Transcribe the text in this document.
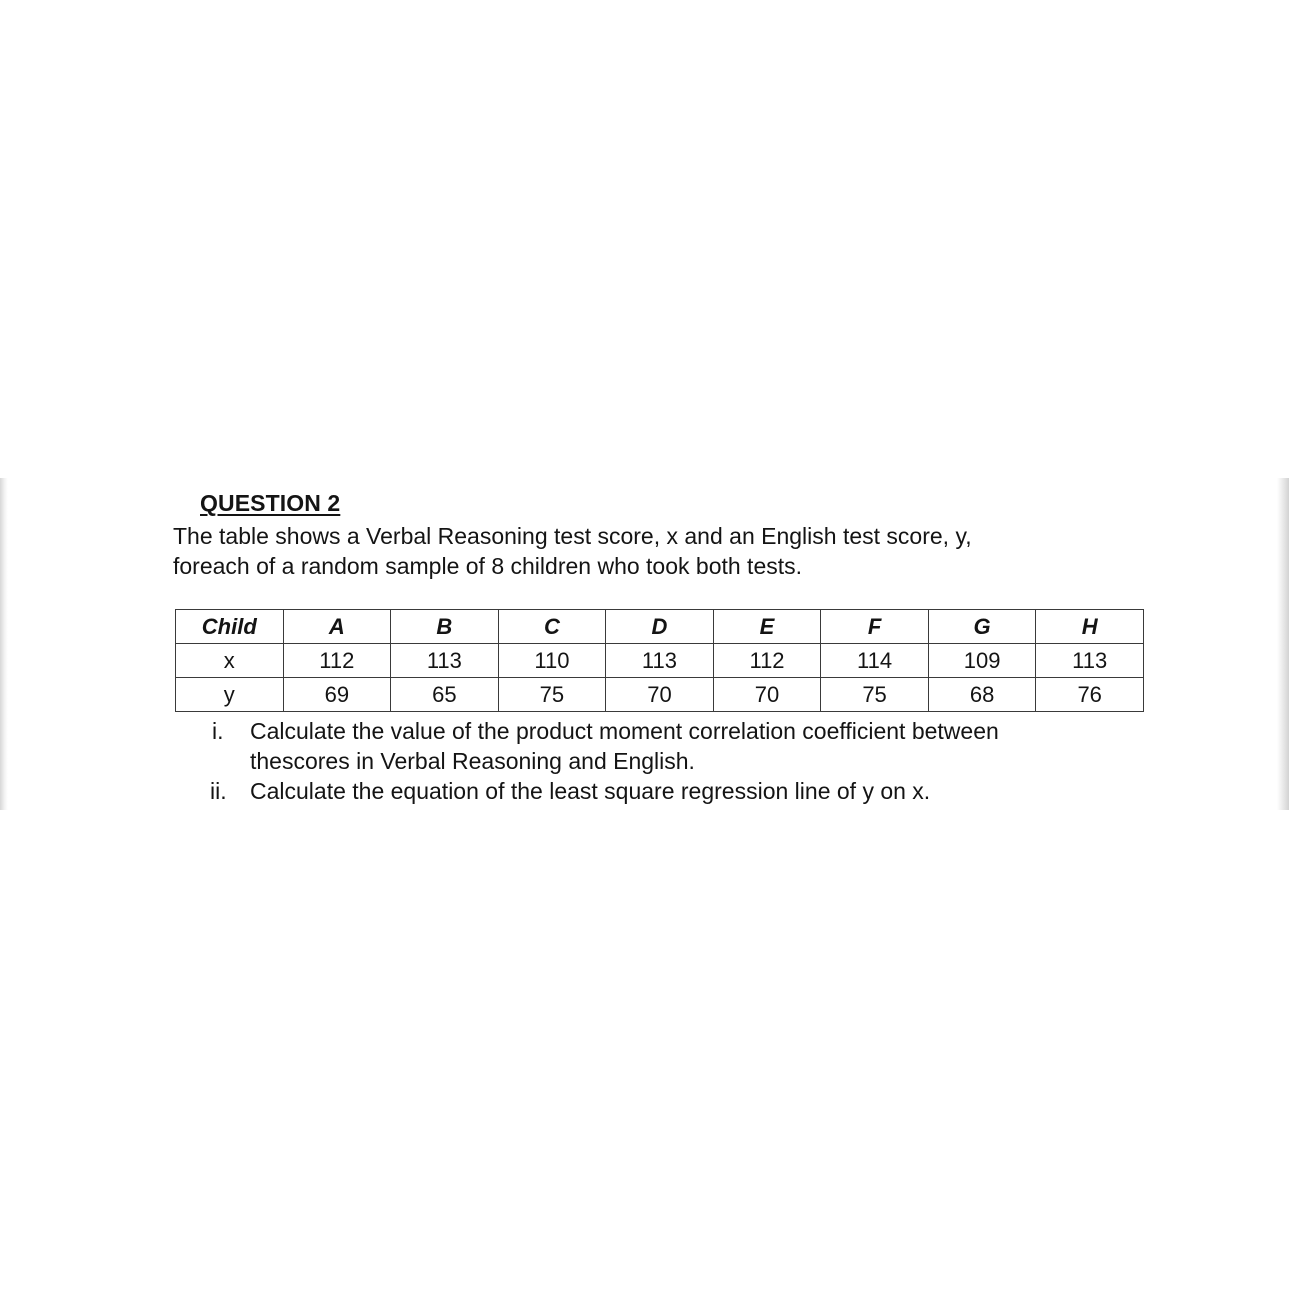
QUESTION 2

The table shows a Verbal Reasoning test score, x and an English test score, y,
foreach of a random sample of 8 children who took both tests.

Child	A	B	C	D	E	F	G	H
x	112	113	110	113	112	114	109	113
y	69	65	75	70	70	75	68	76
i. Calculate the value of the product moment correlation coefficient between
thescores in Verbal Reasoning and English.
ii. Calculate the equation of the least square regression line of y on x.
